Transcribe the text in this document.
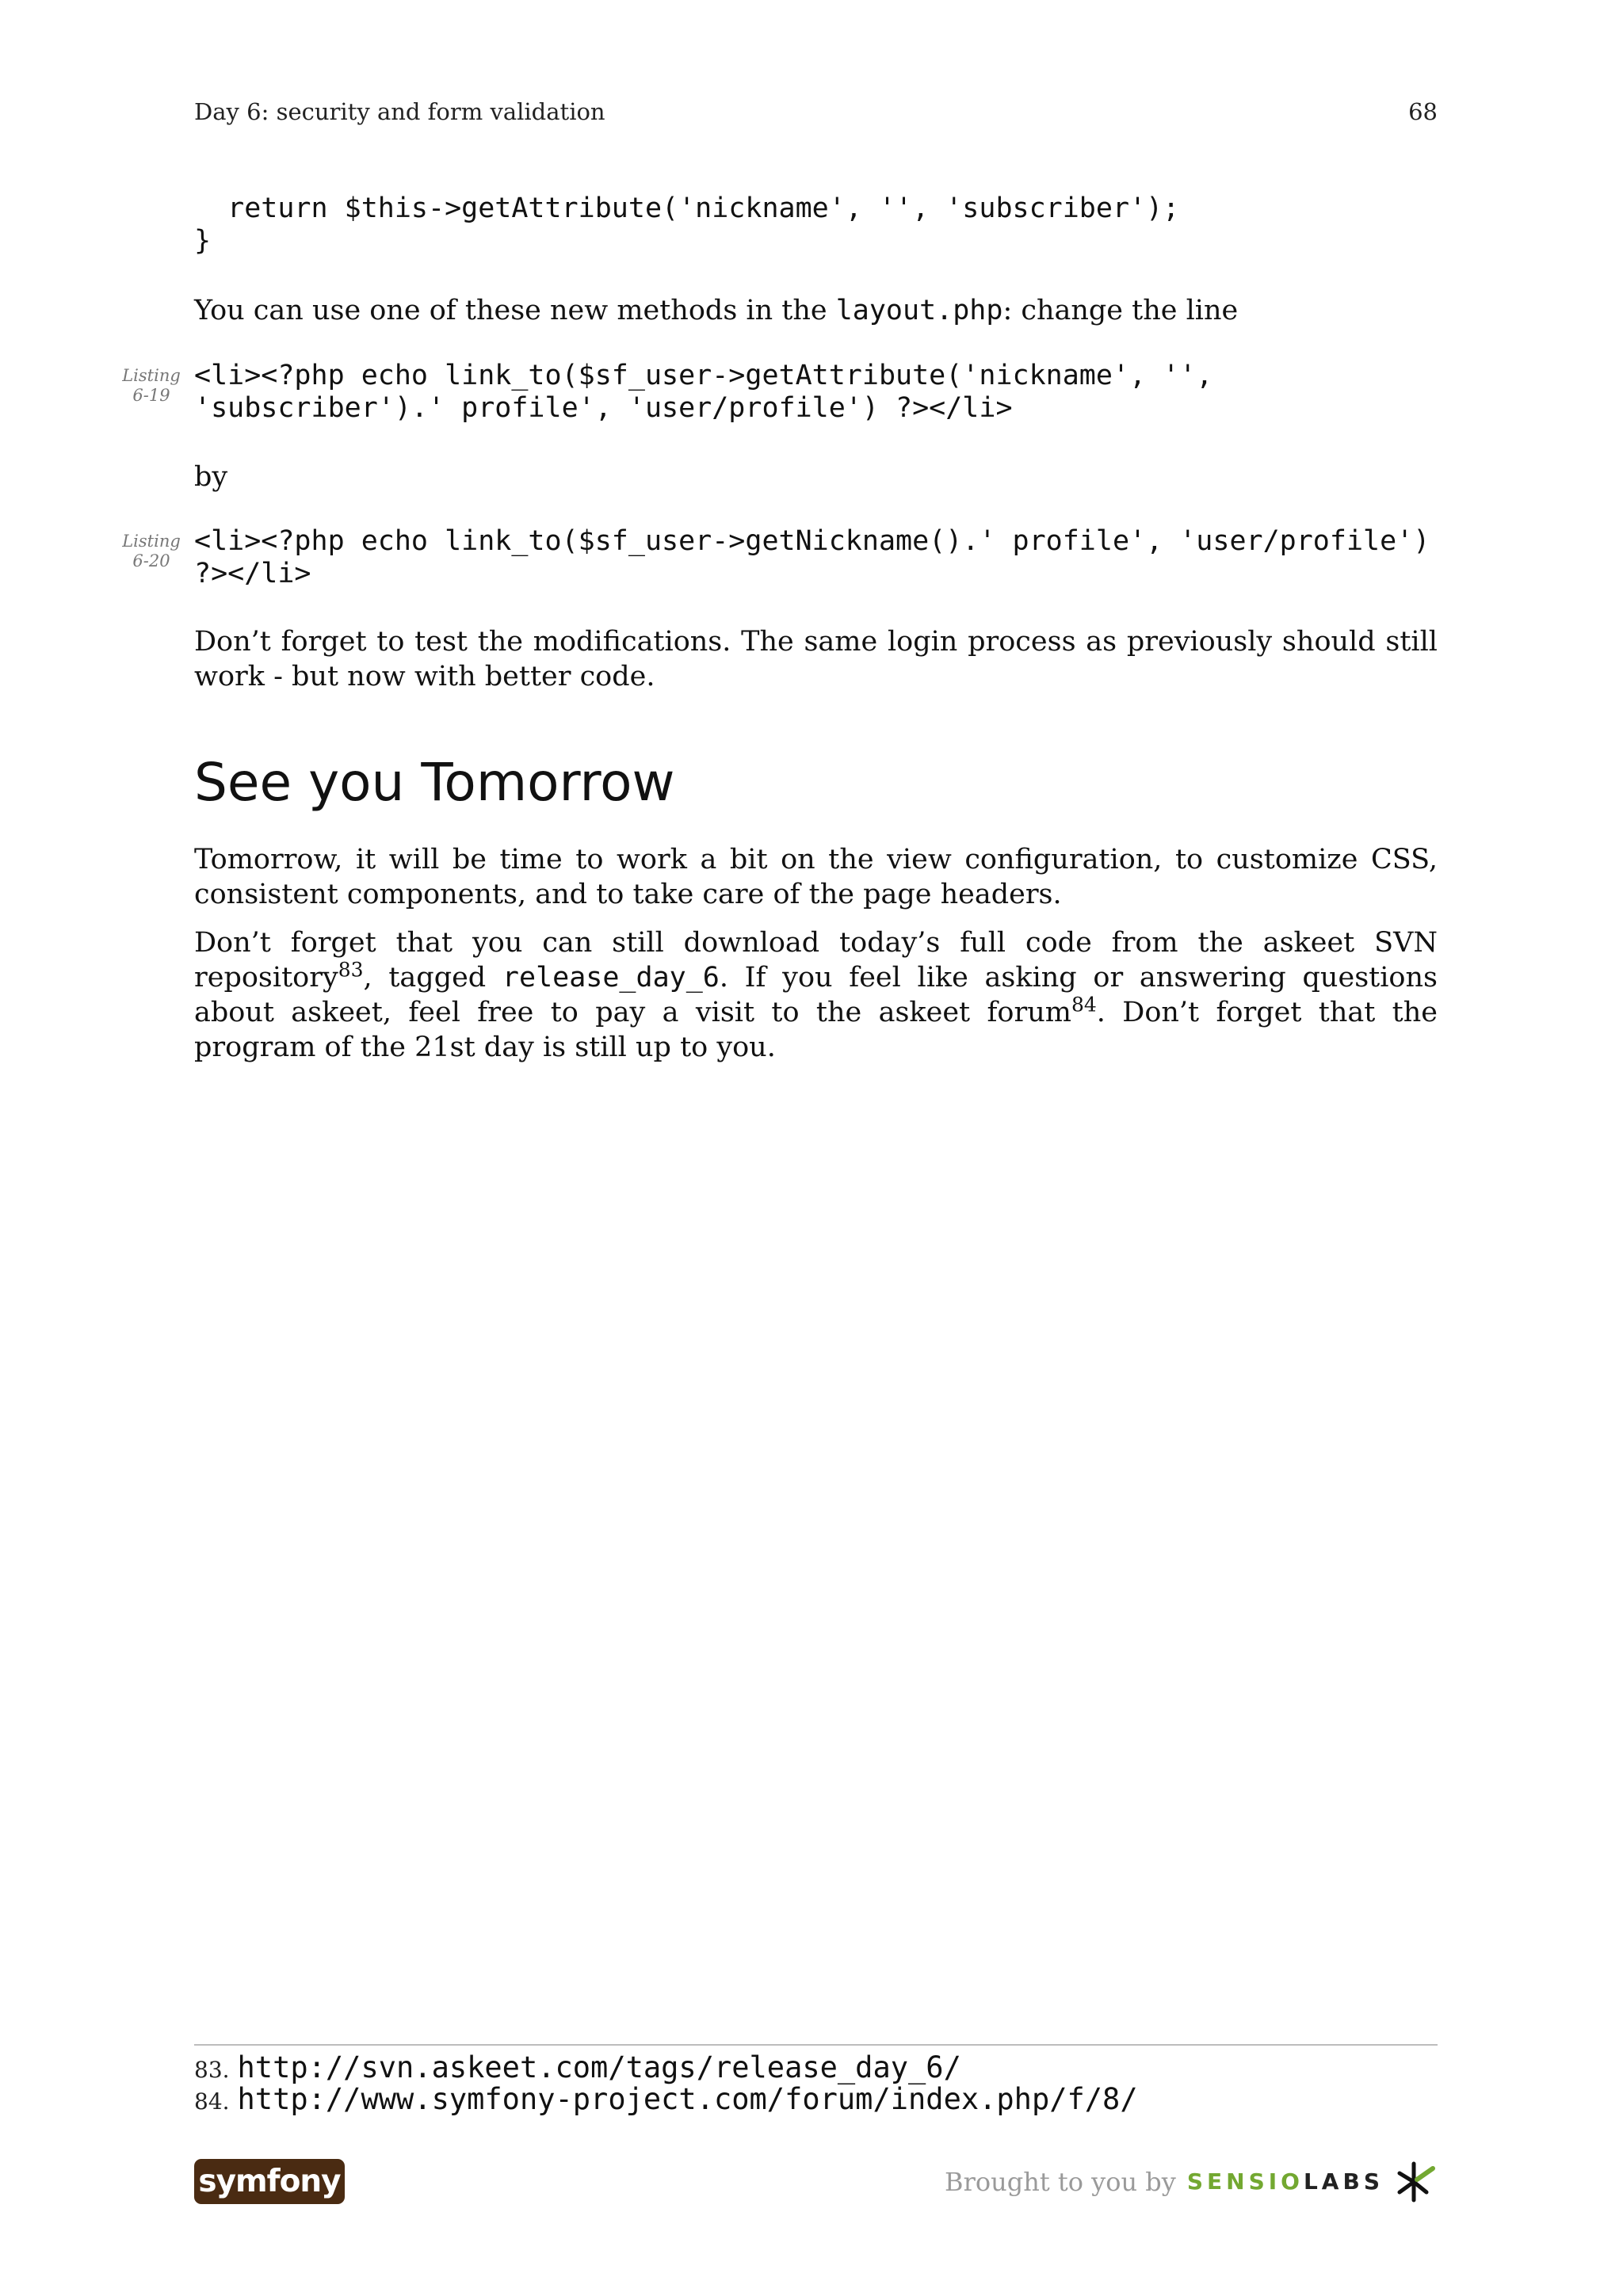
Day 6: security and form validation	68
return $this->getAttribute('nickname', '', 'subscriber');
}

You can use one of these new methods in the layout.php: change the line

Listing
6-19
<li><?php echo link_to($sf_user->getAttribute('nickname', '',
'subscriber').' profile', 'user/profile') ?></li>

by

Listing
6-20
<li><?php echo link_to($sf_user->getNickname().' profile', 'user/profile')
?></li>

Don’t forget to test the modifications. The same login process as previously should still work - but now with better code.

See you Tomorrow

Tomorrow, it will be time to work a bit on the view configuration, to customize CSS, consistent components, and to take care of the page headers.

Don’t forget that you can still download today’s full code from the askeet SVN repository$^{83}$, tagged release_day_6. If you feel like asking or answering questions about askeet, feel free to pay a visit to the askeet forum$^{84}$. Don’t forget that the program of the 21st day is still up to you.

83. http://svn.askeet.com/tags/release_day_6/
84. http://www.symfony-project.com/forum/index.php/f/8/
symfony	Brought to you by SENSIO LABS
